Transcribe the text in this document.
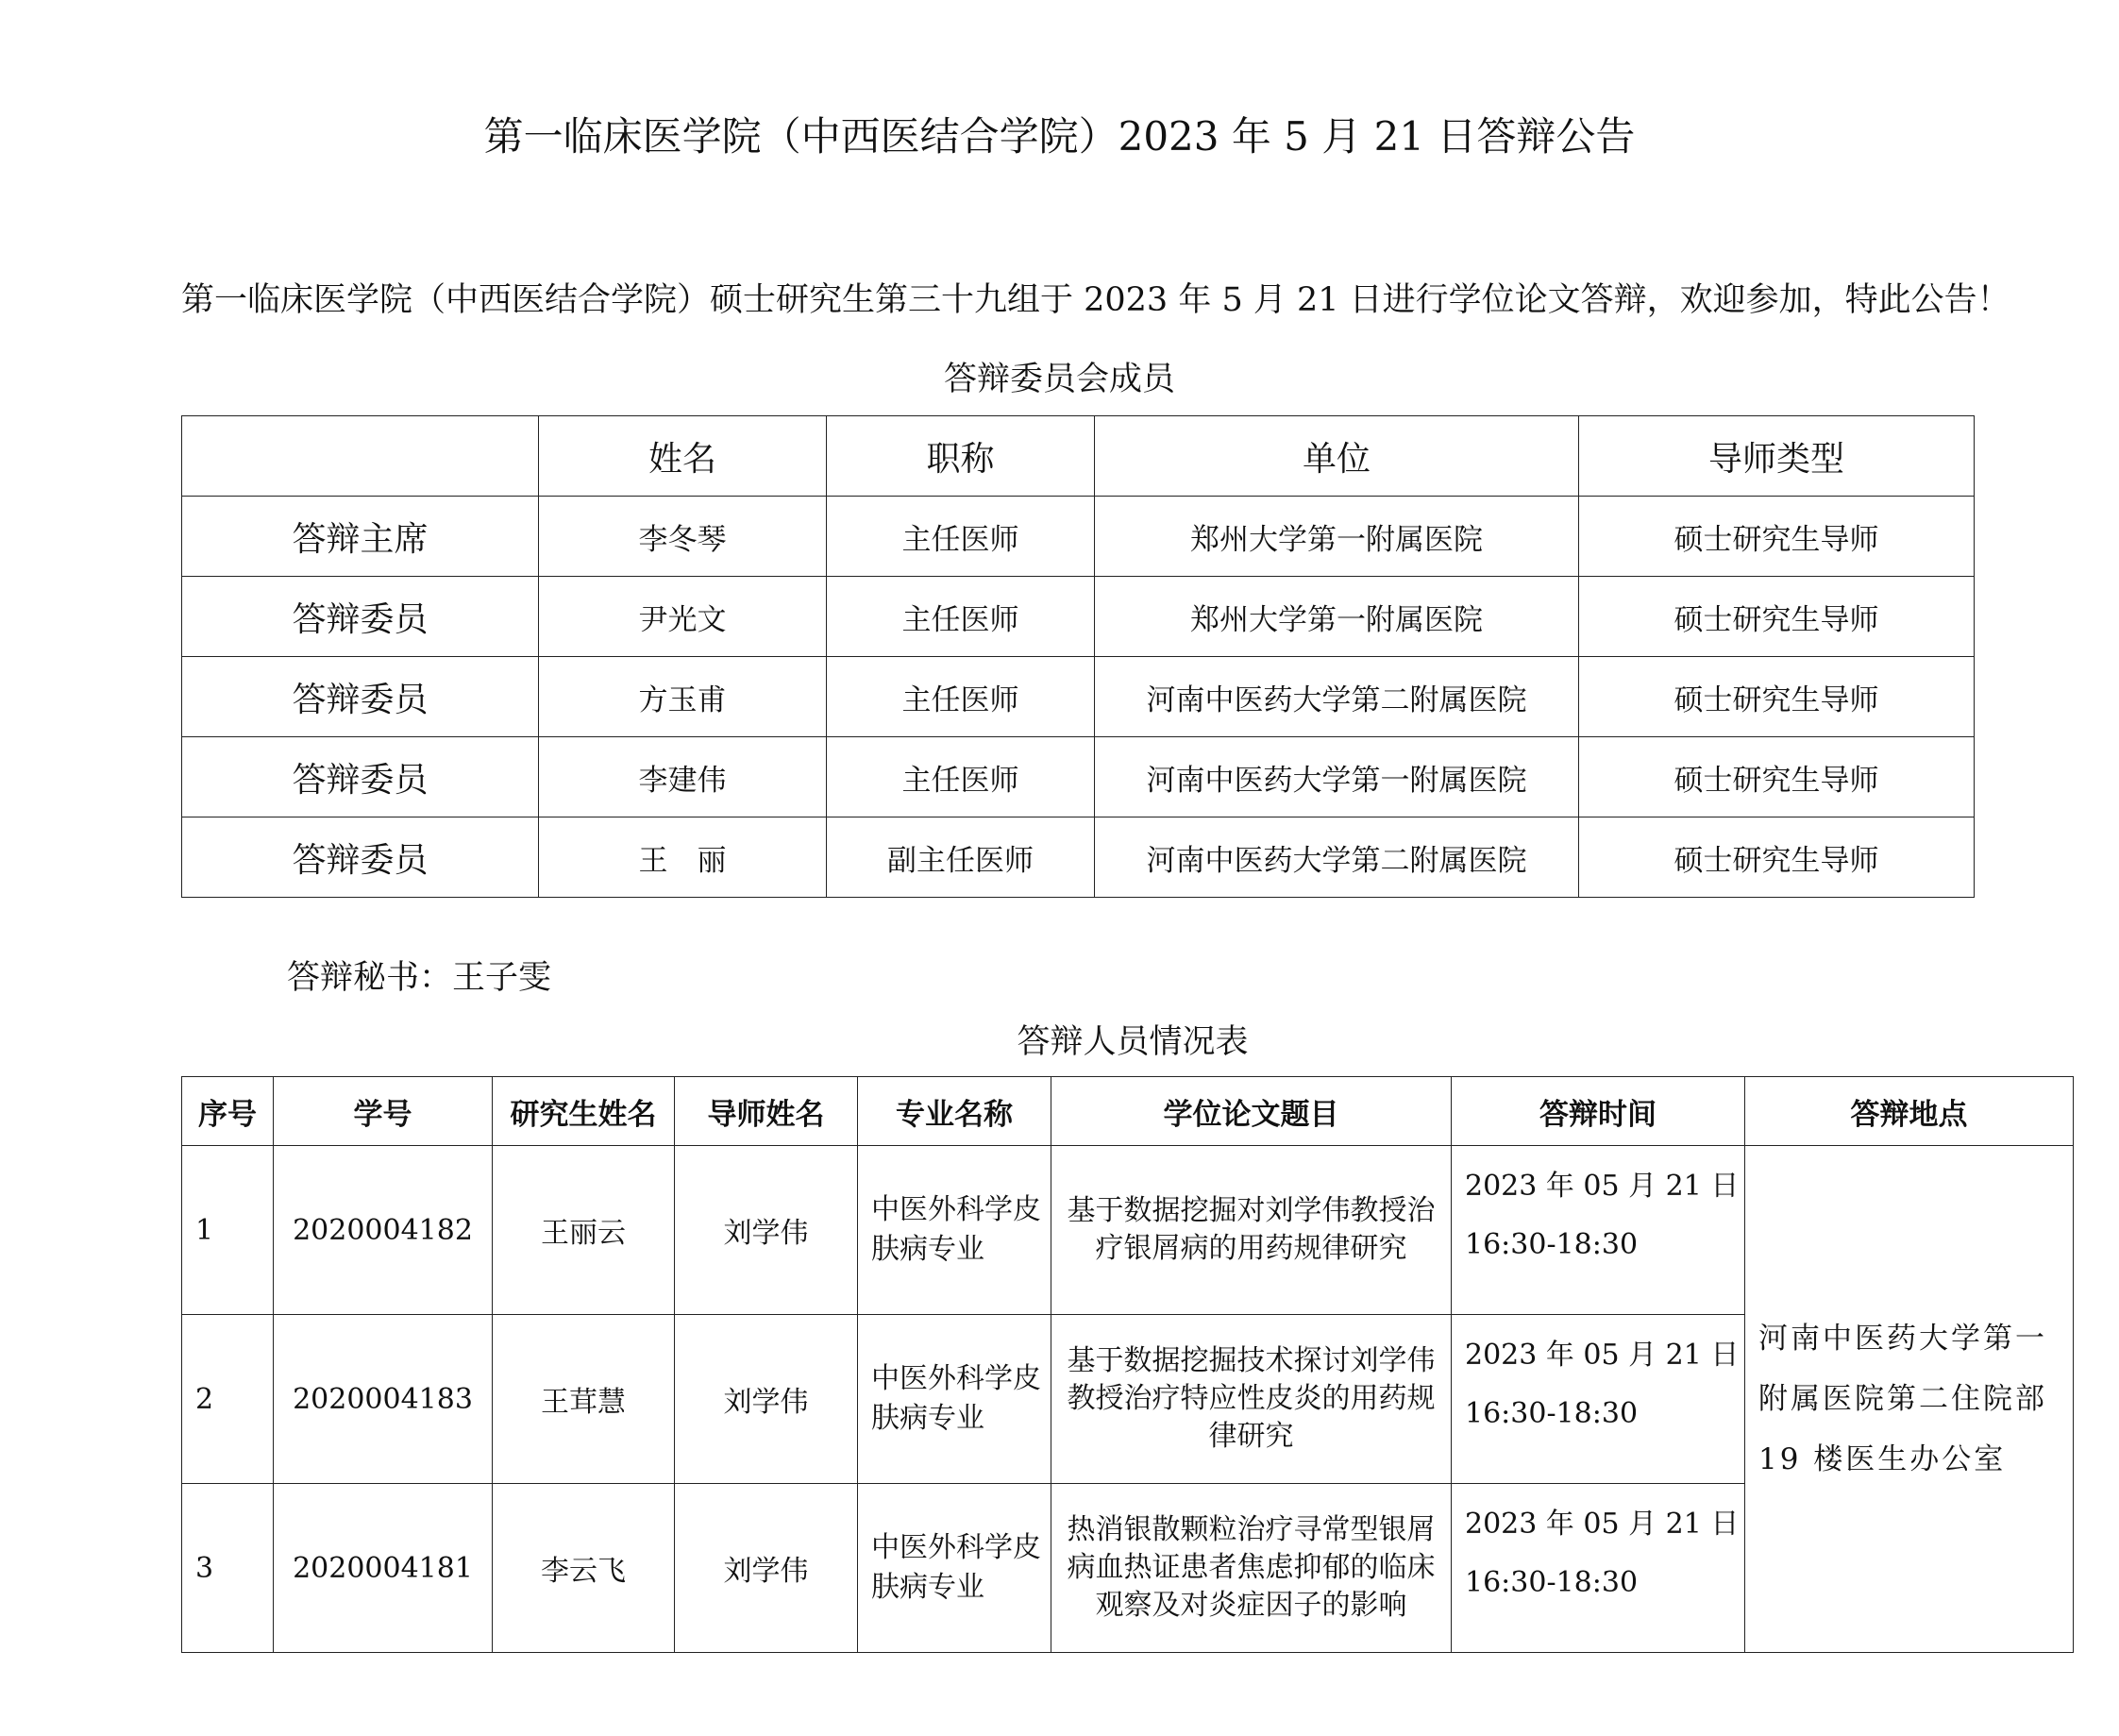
第一临床医学院（中西医结合学院）2023 年 5 月 21 日答辩公告
第一临床医学院（中西医结合学院）硕士研究生第三十九组于 2023 年 5 月 21 日进行学位论文答辩，欢迎参加，特此公告！
答辩委员会成员
	姓名	职称	单位	导师类型
答辩主席	李冬琴	主任医师	郑州大学第一附属医院	硕士研究生导师
答辩委员	尹光文	主任医师	郑州大学第一附属医院	硕士研究生导师
答辩委员	方玉甫	主任医师	河南中医药大学第二附属医院	硕士研究生导师
答辩委员	李建伟	主任医师	河南中医药大学第一附属医院	硕士研究生导师
答辩委员	王　丽	副主任医师	河南中医药大学第二附属医院	硕士研究生导师
答辩秘书：王子雯
答辩人员情况表
序号	学号	研究生姓名	导师姓名	专业名称	学位论文题目	答辩时间	答辩地点
1	2020004182	王丽云	刘学伟	中医外科学皮肤病专业	基于数据挖掘对刘学伟教授治疗银屑病的用药规律研究	2023 年 05 月 21 日
16:30-18:30	河南中医药大学第一附属医院第二住院部 19 楼医生办公室
2	2020004183	王茸慧	刘学伟	中医外科学皮肤病专业	基于数据挖掘技术探讨刘学伟教授治疗特应性皮炎的用药规律研究	2023 年 05 月 21 日
16:30-18:30	

3	2020004181	李云飞	刘学伟	中医外科学皮肤病专业	热消银散颗粒治疗寻常型银屑病血热证患者焦虑抑郁的临床观察及对炎症因子的影响	2023 年 05 月 21 日
16:30-18:30	
